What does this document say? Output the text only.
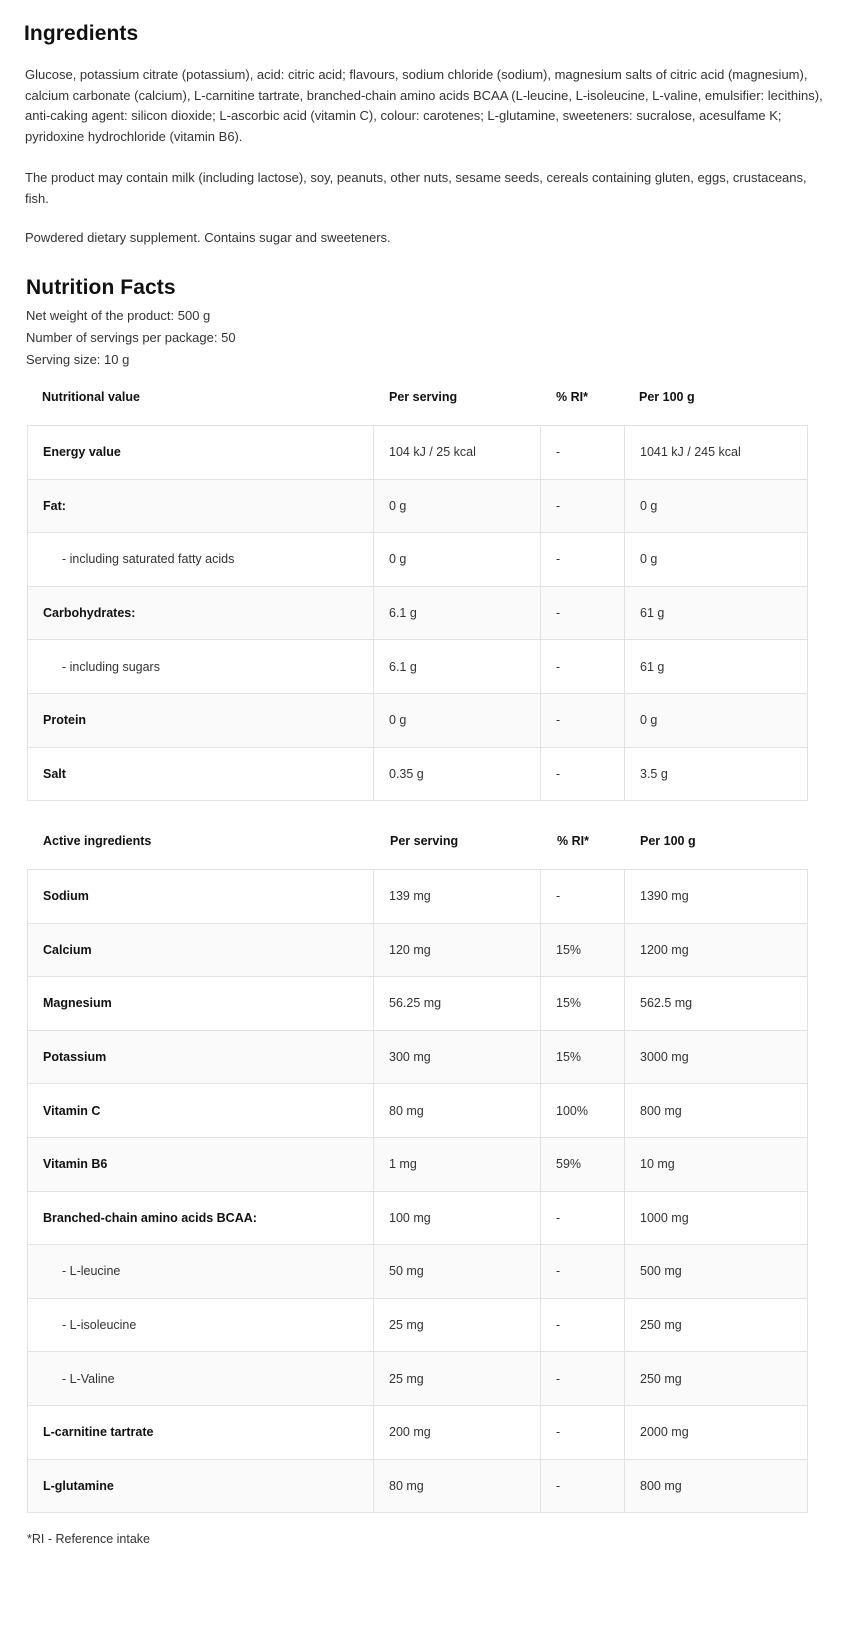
Ingredients

Glucose, potassium citrate (potassium), acid: citric acid; flavours, sodium chloride (sodium), magnesium salts of citric acid (magnesium), calcium carbonate (calcium), L-carnitine tartrate, branched-chain amino acids BCAA (L-leucine, L-isoleucine, L-valine, emulsifier: lecithins), anti-caking agent: silicon dioxide; L-ascorbic acid (vitamin C), colour: carotenes; L-glutamine, sweeteners: sucralose, acesulfame K; pyridoxine hydrochloride (vitamin B6).

The product may contain milk (including lactose), soy, peanuts, other nuts, sesame seeds, cereals containing gluten, eggs, crustaceans, fish.

Powdered dietary supplement. Contains sugar and sweeteners.

Nutrition Facts

Net weight of the product: 500 g

Number of servings per package: 50

Serving size: 10 g

Nutritional value	Per serving	% RI*	Per 100 g
Energy value	104 kJ / 25 kcal	-	1041 kJ / 245 kcal
Fat:	0 g	-	0 g
- including saturated fatty acids	0 g	-	0 g
Carbohydrates:	6.1 g	-	61 g
- including sugars	6.1 g	-	61 g
Protein	0 g	-	0 g
Salt	0.35 g	-	3.5 g
Active ingredients	Per serving	% RI*	Per 100 g
Sodium	139 mg	-	1390 mg
Calcium	120 mg	15%	1200 mg
Magnesium	56.25 mg	15%	562.5 mg
Potassium	300 mg	15%	3000 mg
Vitamin C	80 mg	100%	800 mg
Vitamin B6	1 mg	59%	10 mg
Branched-chain amino acids BCAA:	100 mg	-	1000 mg
- L-leucine	50 mg	-	500 mg
- L-isoleucine	25 mg	-	250 mg
- L-Valine	25 mg	-	250 mg
L-carnitine tartrate	200 mg	-	2000 mg
L-glutamine	80 mg	-	800 mg
*RI - Reference intake
